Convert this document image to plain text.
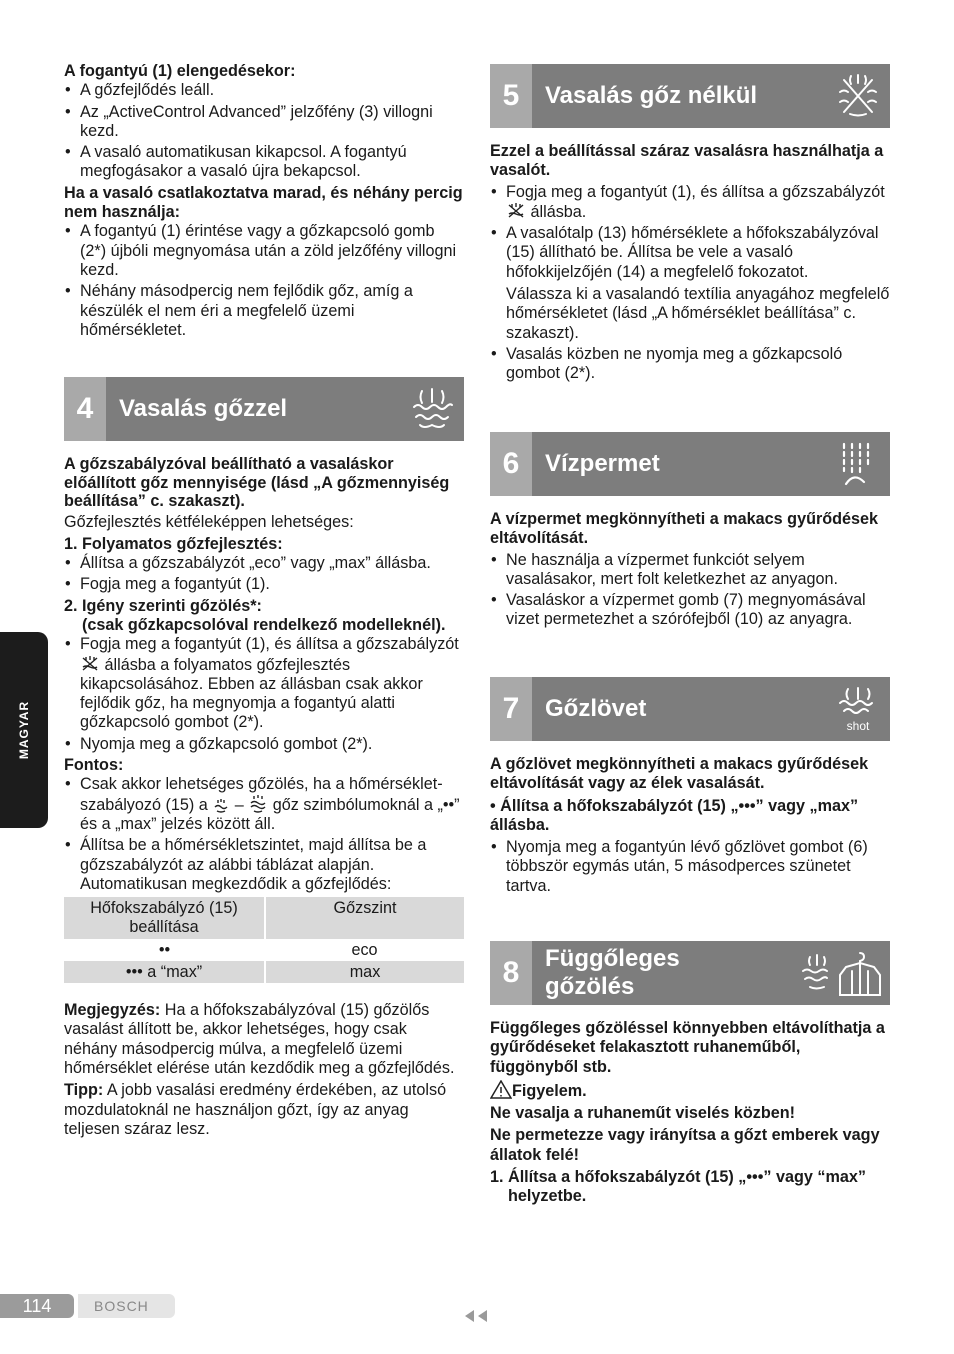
MAGYAR

A fogantyú (1) elengedésekor:

• A gőzfejlődés leáll.
• Az „ActiveControl Advanced” jelzőfény (3) villogni kezd.
• A vasaló automatikusan kikapcsol. A fogantyú megfogásakor a vasaló újra bekapcsol.

Ha a vasaló csatlakoztatva marad, és néhány percig nem használja:

• A fogantyú (1) érintése vagy a gőzkapcsoló gomb (2*) újbóli megnyomása után a zöld jelzőfény villogni kezd.
• Néhány másodpercig nem fejlődik gőz, amíg a készülék el nem éri a megfelelő üzemi hőmérsékletet.
4	Vasalás gőzzel

A gőzszabályzóval beállítható a vasaláskor előállított gőz mennyisége (lásd „A gőzmennyiség beállítása” c. szakaszt).

Gőzfejlesztés kétféleképpen lehetséges:

1. Folyamatos gőzfejlesztés:

• Állítsa a gőzszabályzót „eco” vagy „max” állásba.
• Fogja meg a fogantyút (1).

2. Igény szerinti gőzölés*:

(csak gőzkapcsolóval rendelkező modelleknél).

• Fogja meg a fogantyút (1), és állítsa a gőzszabályzót  állásba a folyamatos gőzfejlesztés kikapcsolásához. Ebben az állásban csak akkor fejlődik gőz, ha megnyomja a fogantyú alatti gőzkapcsoló gombot (2*).
• Nyomja meg a gőzkapcsoló gombot (2*).

Fontos:

• Csak akkor lehetséges gőzölés, ha a hőmérséklet-szabályozó (15) a – gőz szimbólumoknál a „••” és a „max” jelzés között áll.
• Állítsa be a hőmérsékletszintet, majd állítsa be a gőzszabályzót az alábbi táblázat alapján. Automatikusan megkezdődik a gőzfejlődés:
Hőfokszabályzó (15) beállítása	Gőzszint
••	eco
••• a “max”	max

Megjegyzés: Ha a hőfokszabályzóval (15) gőzölős vasalást állított be, akkor lehetséges, hogy csak néhány másodpercig múlva, a megfelelő üzemi hőmérséklet elérése után kezdődik meg a gőzfejlődés.

Tipp: A jobb vasalási eredmény érdekében, az utolsó mozdulatoknál ne használjon gőzt, így az anyag teljesen száraz lesz.

5	Vasalás gőz nélkül

Ezzel a beállítással száraz vasalásra használhatja a vasalót.

• Fogja meg a fogantyút (1), és állítsa a gőzszabályzót  állásba.
• A vasalótalp (13) hőmérséklete a hőfokszabályzóval (15) állítható be. Állítsa be vele a vasaló hőfokkijelzőjén (14) a megfelelő fokozatot.
Válassza ki a vasalandó textília anyagához megfelelő hőmérsékletet (lásd „A hőmérséklet beállítása” c. szakaszt).
• Vasalás közben ne nyomja meg a gőzkapcsoló gombot (2*).
6	Vízpermet

A vízpermet megkönnyítheti a makacs gyűrődések eltávolítását.

• Ne használja a vízpermet funkciót selyem vasalásakor, mert folt keletkezhet az anyagon.
• Vasaláskor a vízpermet gomb (7) megnyomásával vizet permetezhet a szórófejből (10) az anyagra.
7	Gőzlövet
shot

A gőzlövet megkönnyítheti a makacs gyűrődések eltávolítását vagy az élek vasalását.

• Állítsa a hőfokszabályzót (15) „•••” vagy „max” állásba.

• Nyomja meg a fogantyún lévő gőzlövet gombot (6) többször egymás után, 5 másodperces szünetet tartva.
8	Függőleges gőzölés

Függőleges gőzöléssel könnyebben eltávolíthatja a gyűrődéseket felakasztott ruhaneműből, függönyből stb.

Figyelem.

Ne vasalja a ruhaneműt viselés közben!

Ne permetezze vagy irányítsa a gőzt emberek vagy állatok felé!

1. Állítsa a hőfokszabályzót (15) „•••” vagy “max” helyzetbe.

114	BOSCH
